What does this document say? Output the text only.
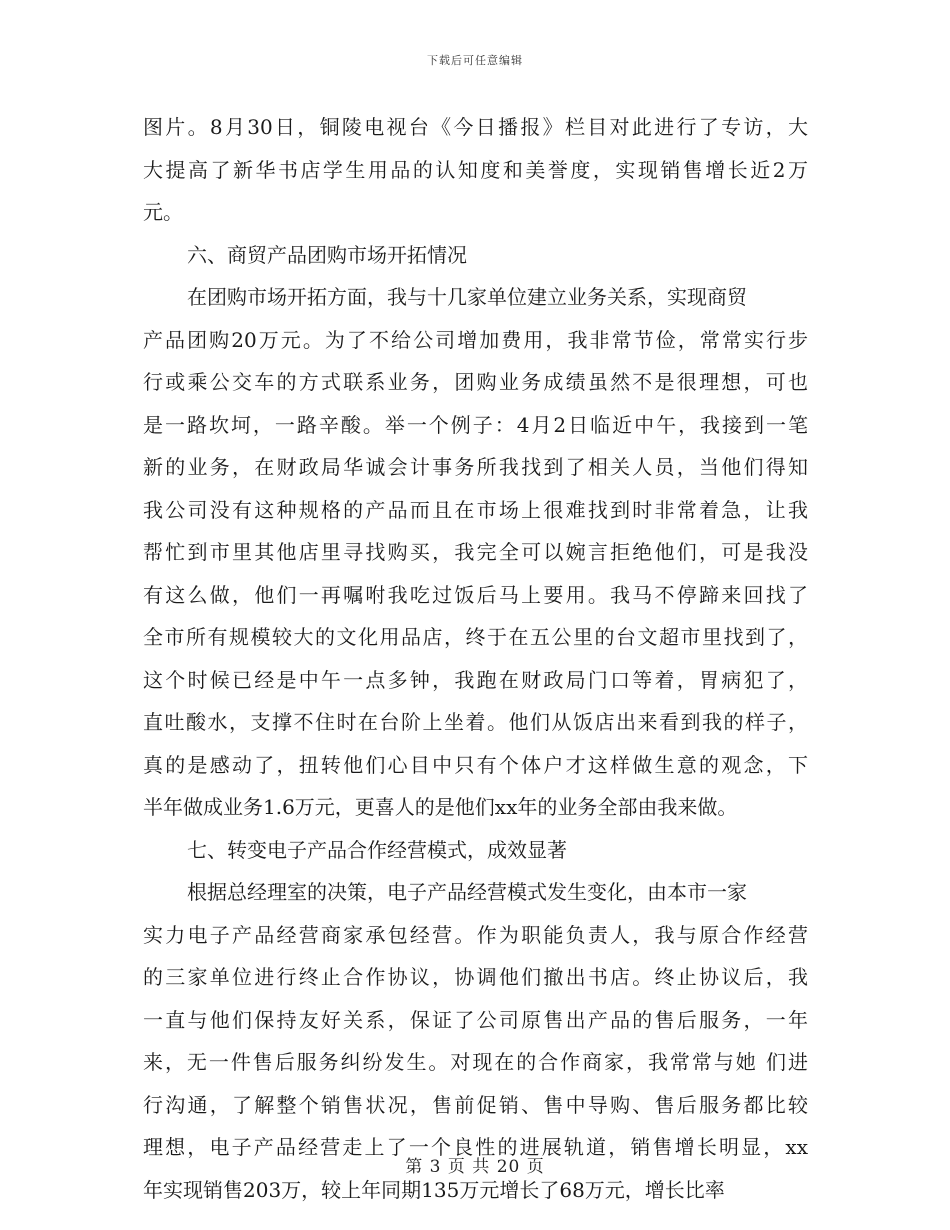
下载后可任意编辑
图片。8月30日，铜陵电视台《今日播报》栏目对此进行了专访，大
大提高了新华书店学生用品的认知度和美誉度，实现销售增长近2万
元。
六、商贸产品团购市场开拓情况
在团购市场开拓方面，我与十几家单位建立业务关系，实现商贸
产品团购20万元。为了不给公司增加费用，我非常节俭，常常实行步
行或乘公交车的方式联系业务，团购业务成绩虽然不是很理想，可也
是一路坎坷，一路辛酸。举一个例子：4月2日临近中午，我接到一笔
新的业务，在财政局华诚会计事务所我找到了相关人员，当他们得知
我公司没有这种规格的产品而且在市场上很难找到时非常着急，让我
帮忙到市里其他店里寻找购买，我完全可以婉言拒绝他们，可是我没
有这么做，他们一再嘱咐我吃过饭后马上要用。我马不停蹄来回找了
全市所有规模较大的文化用品店，终于在五公里的台文超市里找到了，
这个时候已经是中午一点多钟，我跑在财政局门口等着，胃病犯了，
直吐酸水，支撑不住时在台阶上坐着。他们从饭店出来看到我的样子，
真的是感动了，扭转他们心目中只有个体户才这样做生意的观念，下
半年做成业务1.6万元，更喜人的是他们xx年的业务全部由我来做。
七、转变电子产品合作经营模式，成效显著
根据总经理室的决策，电子产品经营模式发生变化，由本市一家
实力电子产品经营商家承包经营。作为职能负责人，我与原合作经营
的三家单位进行终止合作协议，协调他们撤出书店。终止协议后，我
一直与他们保持友好关系，保证了公司原售出产品的售后服务，一年
来，无一件售后服务纠纷发生。对现在的合作商家，我常常与她 们进
行沟通，了解整个销售状况，售前促销、售中导购、售后服务都比较
理想，电子产品经营走上了一个良性的进展轨道，销售增长明显，xx
年实现销售203万，较上年同期135万元增长了68万元，增长比率
第 3 页 共 20 页
